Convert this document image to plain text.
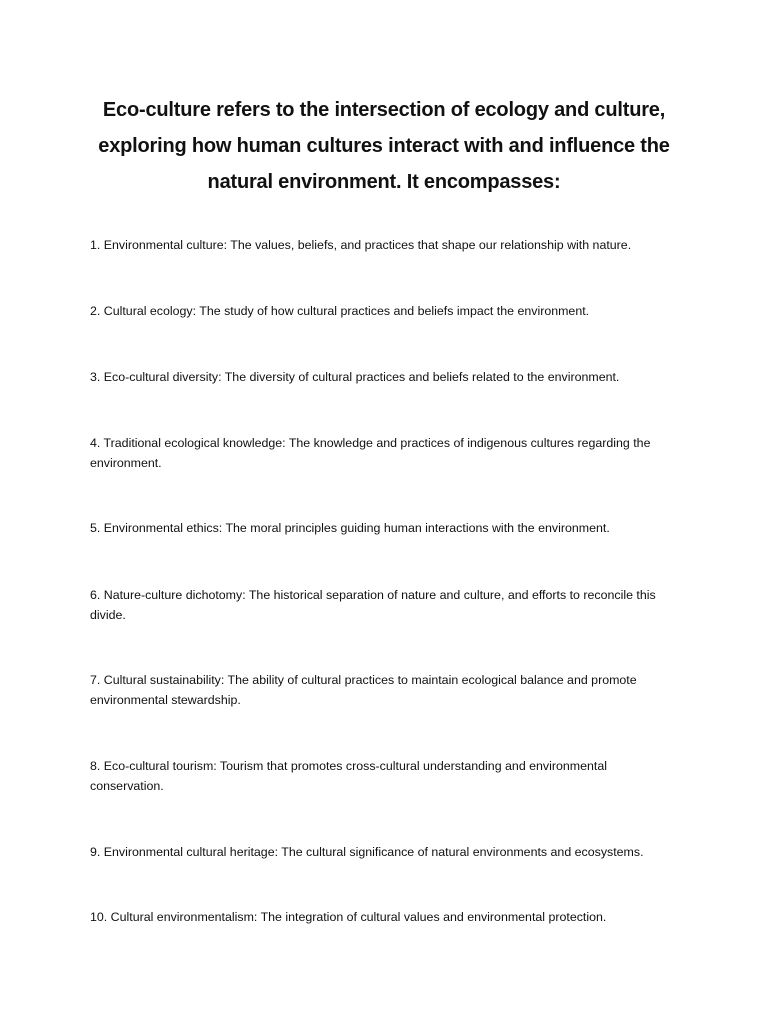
Eco-culture refers to the intersection of ecology and culture, exploring how human cultures interact with and influence the natural environment. It encompasses:

1. Environmental culture: The values, beliefs, and practices that shape our relationship with nature.

2. Cultural ecology: The study of how cultural practices and beliefs impact the environment.

3. Eco-cultural diversity: The diversity of cultural practices and beliefs related to the environment.

4. Traditional ecological knowledge: The knowledge and practices of indigenous cultures regarding the environment.

5. Environmental ethics: The moral principles guiding human interactions with the environment.

6. Nature-culture dichotomy: The historical separation of nature and culture, and efforts to reconcile this divide.

7. Cultural sustainability: The ability of cultural practices to maintain ecological balance and promote environmental stewardship.

8. Eco-cultural tourism: Tourism that promotes cross-cultural understanding and environmental conservation.

9. Environmental cultural heritage: The cultural significance of natural environments and ecosystems.

10. Cultural environmentalism: The integration of cultural values and environmental protection.
